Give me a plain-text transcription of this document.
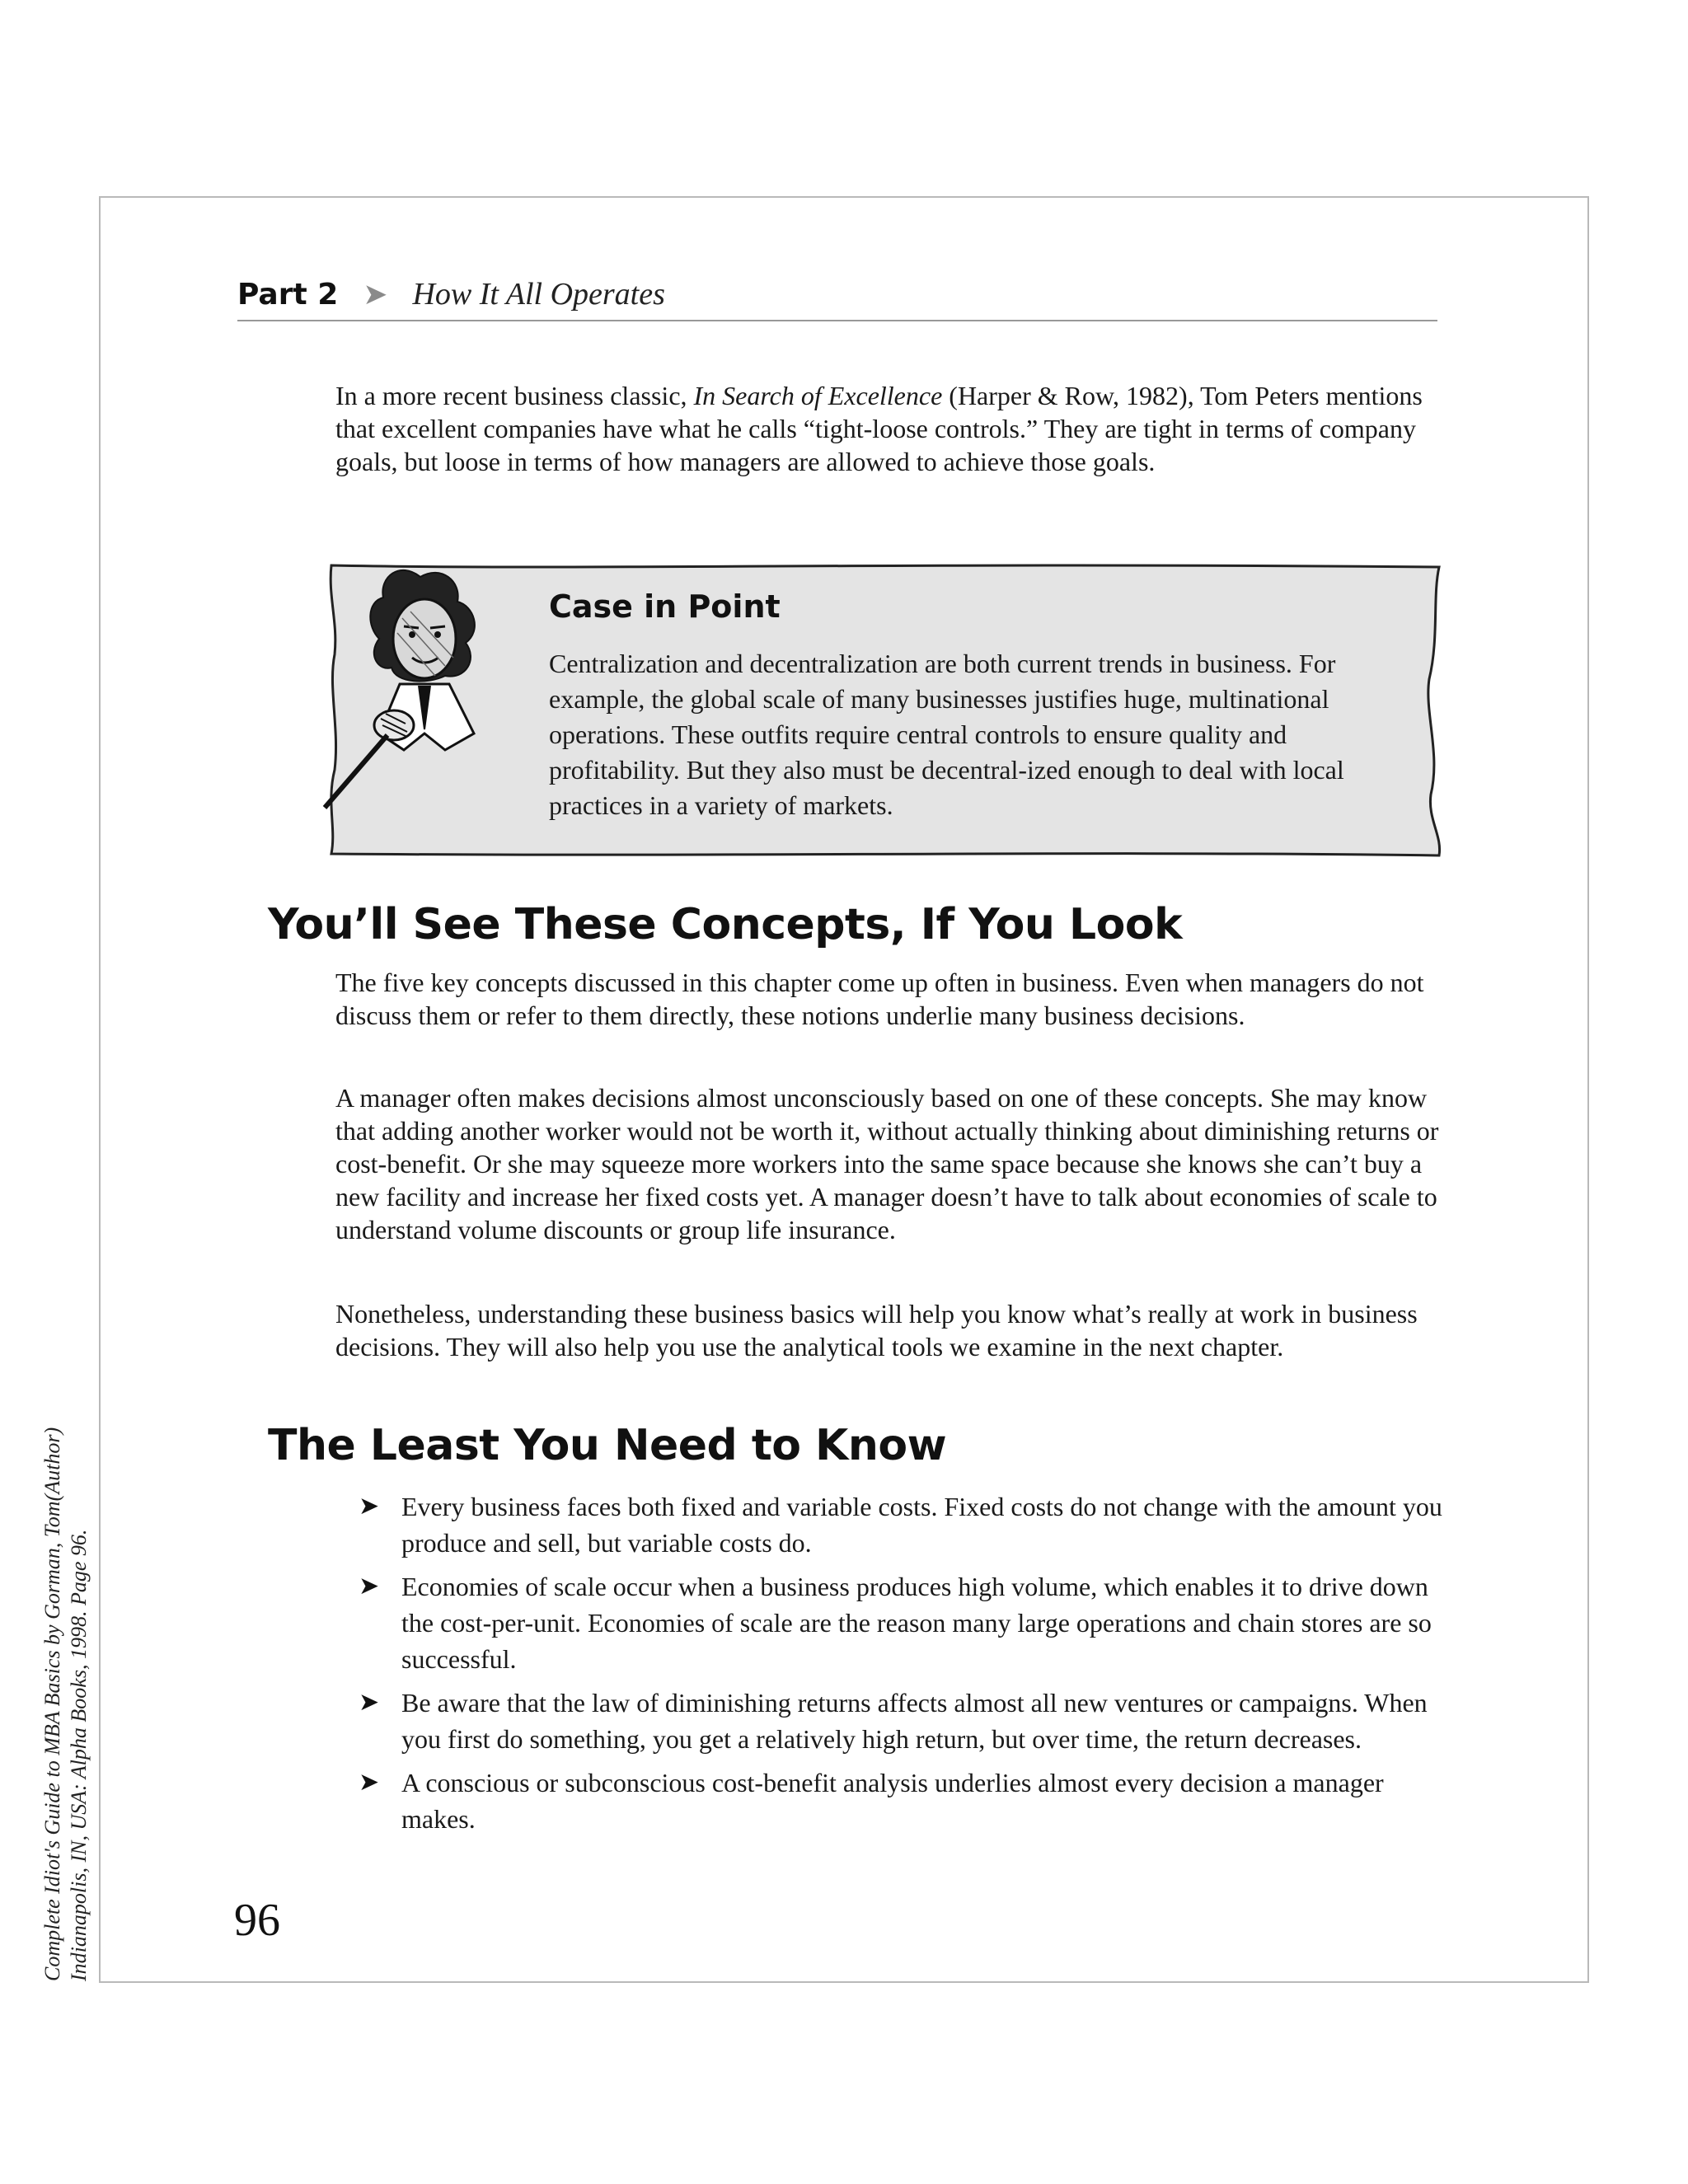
Complete Idiot's Guide to MBA Basics by Gorman, Tom(Author) Indianapolis, IN, USA: Alpha Books, 1998. Page 96.
Part 2 ➤ How It All Operates

In a more recent business classic, In Search of Excellence (Harper & Row, 1982), Tom Peters mentions that excellent companies have what he calls “tight-loose controls.” They are tight in terms of company goals, but loose in terms of how managers are allowed to achieve those goals.

Case in Point

Centralization and decentralization are both current trends in business. For example, the global scale of many businesses justifies huge, multinational operations. These outfits require central controls to ensure quality and profitability. But they also must be decentral-ized enough to deal with local practices in a variety of markets.

You’ll See These Concepts, If You Look

The five key concepts discussed in this chapter come up often in business. Even when managers do not discuss them or refer to them directly, these notions underlie many business decisions.

A manager often makes decisions almost unconsciously based on one of these concepts. She may know that adding another worker would not be worth it, without actually thinking about diminishing returns or cost-benefit. Or she may squeeze more workers into the same space because she knows she can’t buy a new facility and increase her fixed costs yet. A manager doesn’t have to talk about economies of scale to understand volume discounts or group life insurance.

Nonetheless, understanding these business basics will help you know what’s really at work in business decisions. They will also help you use the analytical tools we examine in the next chapter.

The Least You Need to Know
➤ Every business faces both fixed and variable costs. Fixed costs do not change with the amount you produce and sell, but variable costs do.
➤ Economies of scale occur when a business produces high volume, which enables it to drive down the cost-per-unit. Economies of scale are the reason many large operations and chain stores are so successful.
➤ Be aware that the law of diminishing returns affects almost all new ventures or campaigns. When you first do something, you get a relatively high return, but over time, the return decreases.
➤ A conscious or subconscious cost-benefit analysis underlies almost every decision a manager makes.
96
